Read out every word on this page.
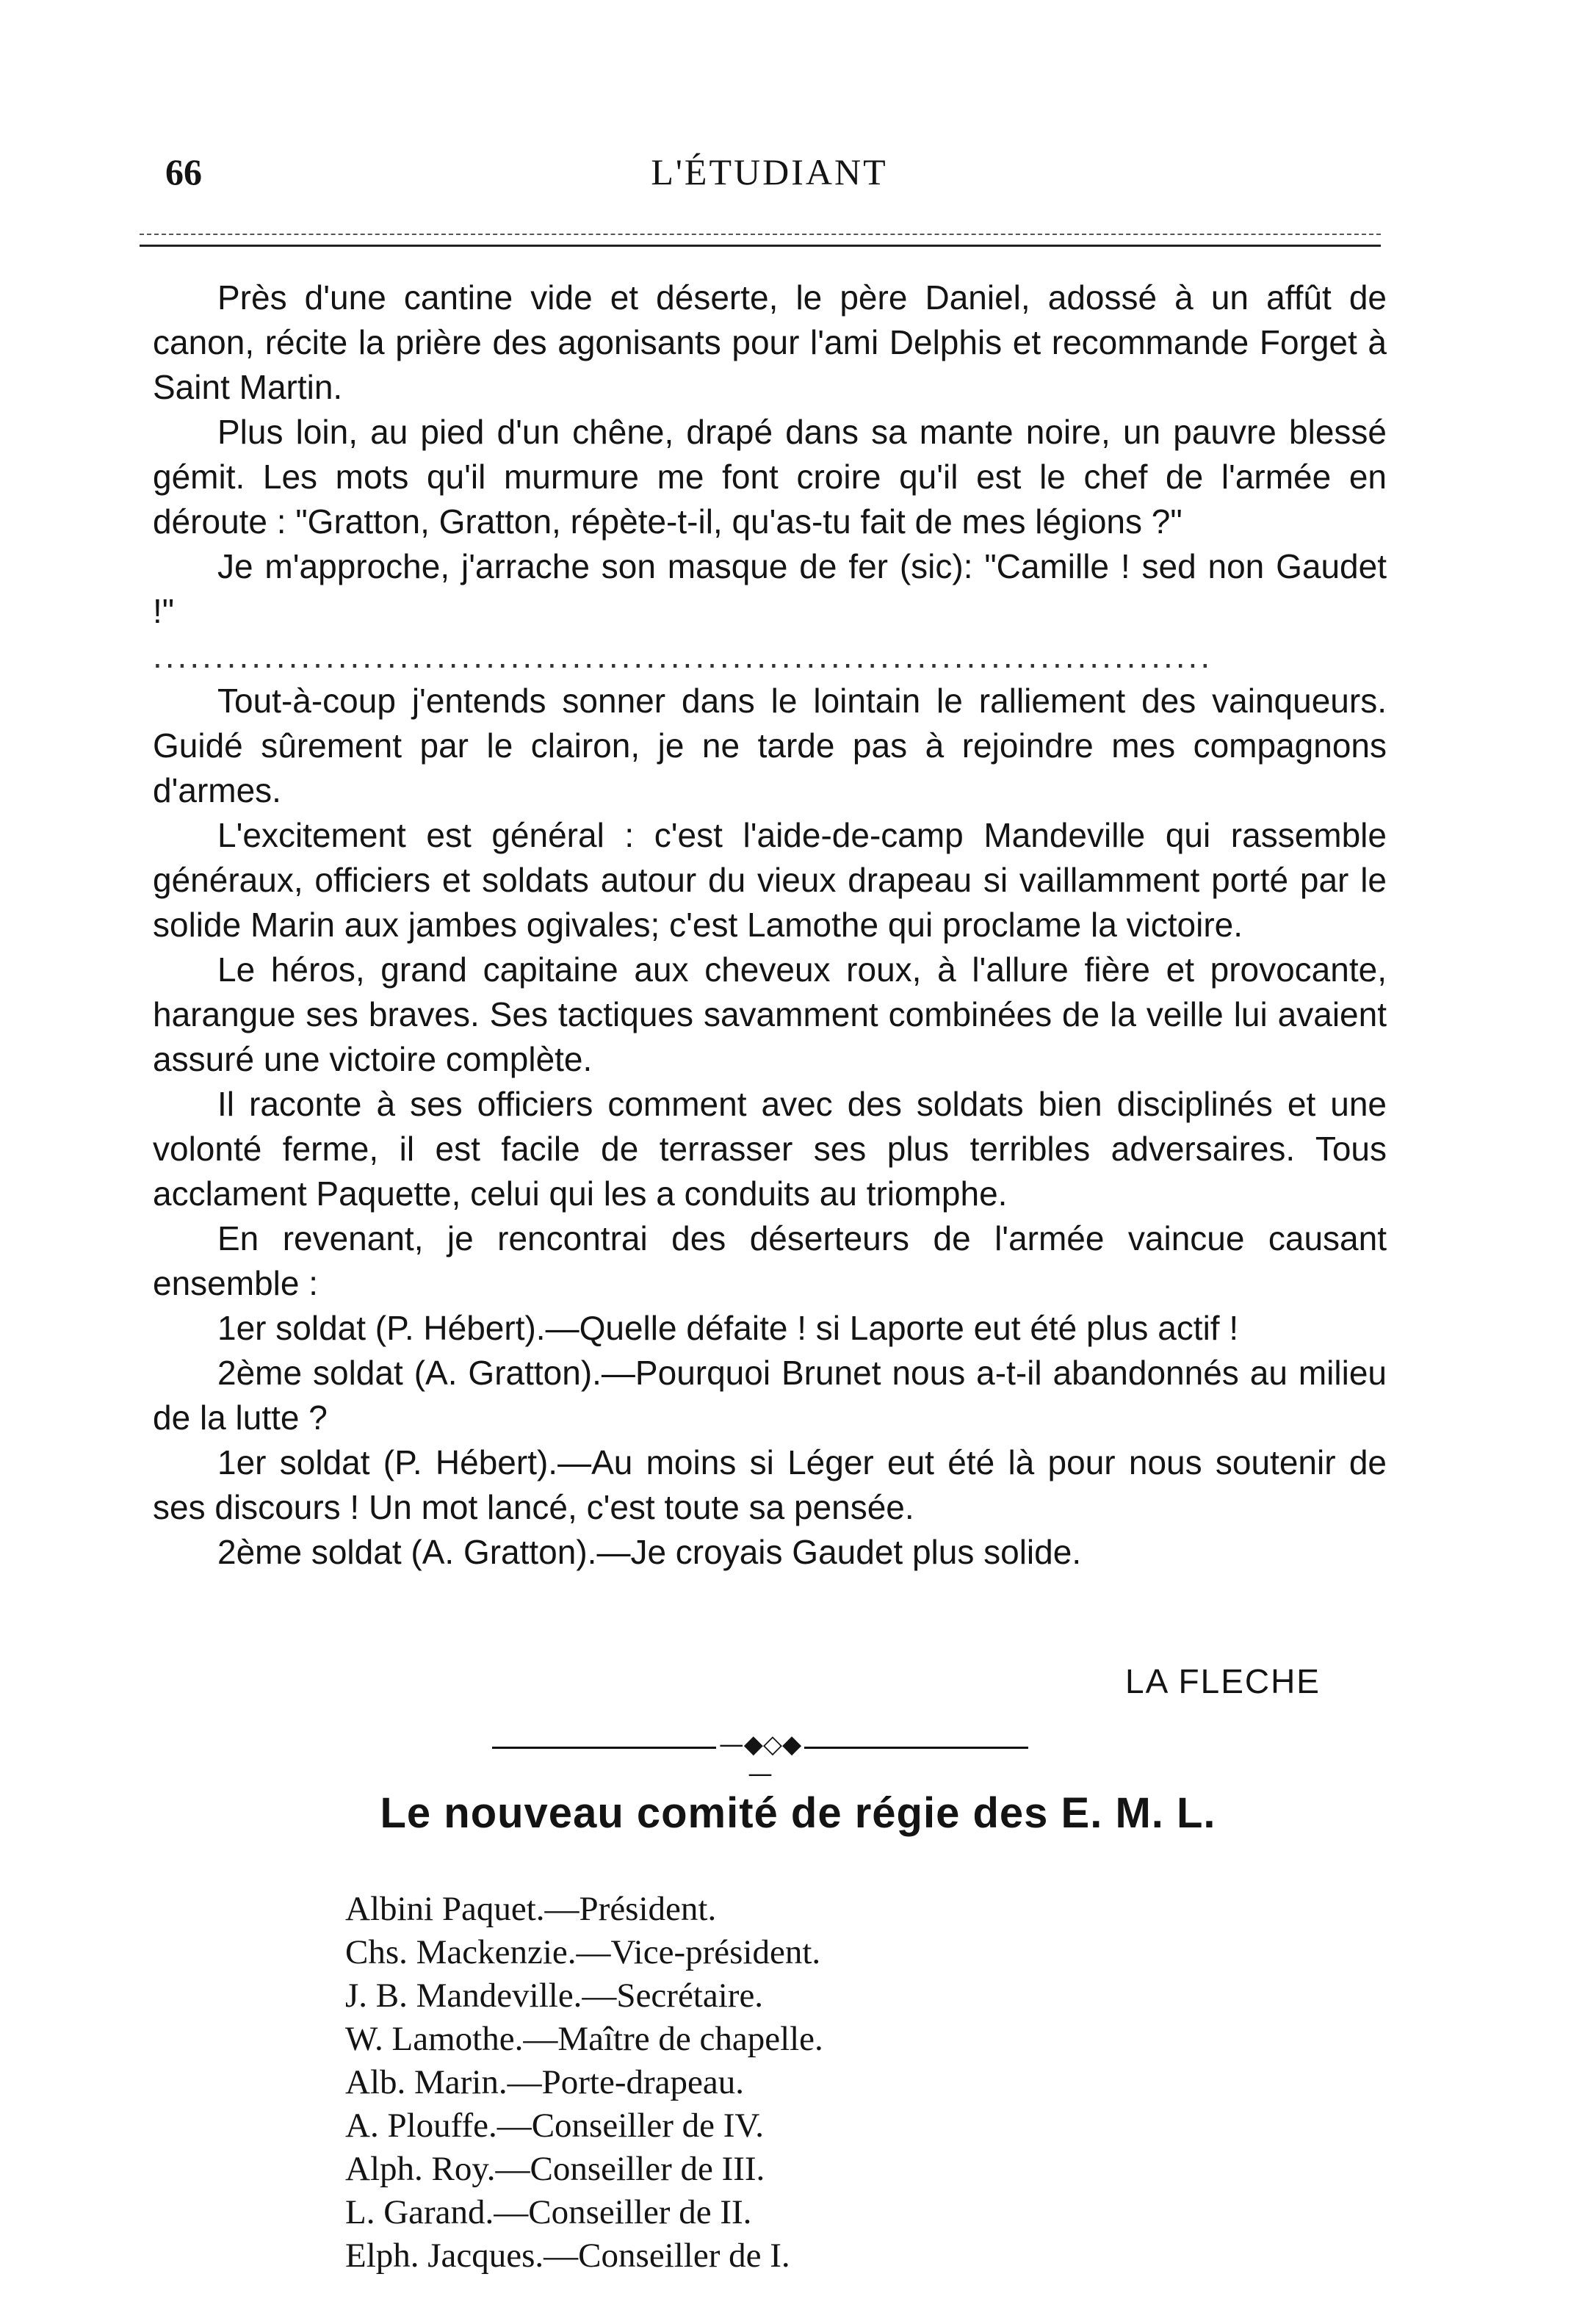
L'ÉTUDIANT
66

Près d'une cantine vide et déserte, le père Daniel, adossé à un affût de canon, récite la prière des agonisants pour l'ami Delphis et recommande Forget à Saint Martin.

Plus loin, au pied d'un chêne, drapé dans sa mante noire, un pauvre blessé gémit. Les mots qu'il murmure me font croire qu'il est le chef de l'armée en déroute : "Gratton, Gratton, répète-t-il, qu'as-tu fait de mes légions ?"

Je m'approche, j'arrache son masque de fer (sic): "Camille ! sed non Gaudet !"

......................................................................................

Tout-à-coup j'entends sonner dans le lointain le ralliement des vainqueurs. Guidé sûrement par le clairon, je ne tarde pas à rejoindre mes compagnons d'armes.

L'excitement est général : c'est l'aide-de-camp Mandeville qui rassemble généraux, officiers et soldats autour du vieux drapeau si vaillamment porté par le solide Marin aux jambes ogivales; c'est Lamothe qui proclame la victoire.

Le héros, grand capitaine aux cheveux roux, à l'allure fière et provocante, harangue ses braves. Ses tactiques savamment combinées de la veille lui avaient assuré une victoire complète.

Il raconte à ses officiers comment avec des soldats bien disciplinés et une volonté ferme, il est facile de terrasser ses plus terribles adversaires. Tous acclament Paquette, celui qui les a conduits au triomphe.

En revenant, je rencontrai des déserteurs de l'armée vaincue causant ensemble :

1er soldat (P. Hébert).—Quelle défaite ! si Laporte eut été plus actif !

2ème soldat (A. Gratton).—Pourquoi Brunet nous a-t-il abandonnés au milieu de la lutte ?

1er soldat (P. Hébert).—Au moins si Léger eut été là pour nous soutenir de ses discours ! Un mot lancé, c'est toute sa pensée.

2ème soldat (A. Gratton).—Je croyais Gaudet plus solide.

LA FLECHE
—◆◇◆—
Le nouveau comité de régie des E. M. L.
Albini Paquet.—Président.
Chs. Mackenzie.—Vice-président.
J. B. Mandeville.—Secrétaire.
W. Lamothe.—Maître de chapelle.
Alb. Marin.—Porte-drapeau.
A. Plouffe.—Conseiller de IV.
Alph. Roy.—Conseiller de III.
L. Garand.—Conseiller de II.
Elph. Jacques.—Conseiller de I.
